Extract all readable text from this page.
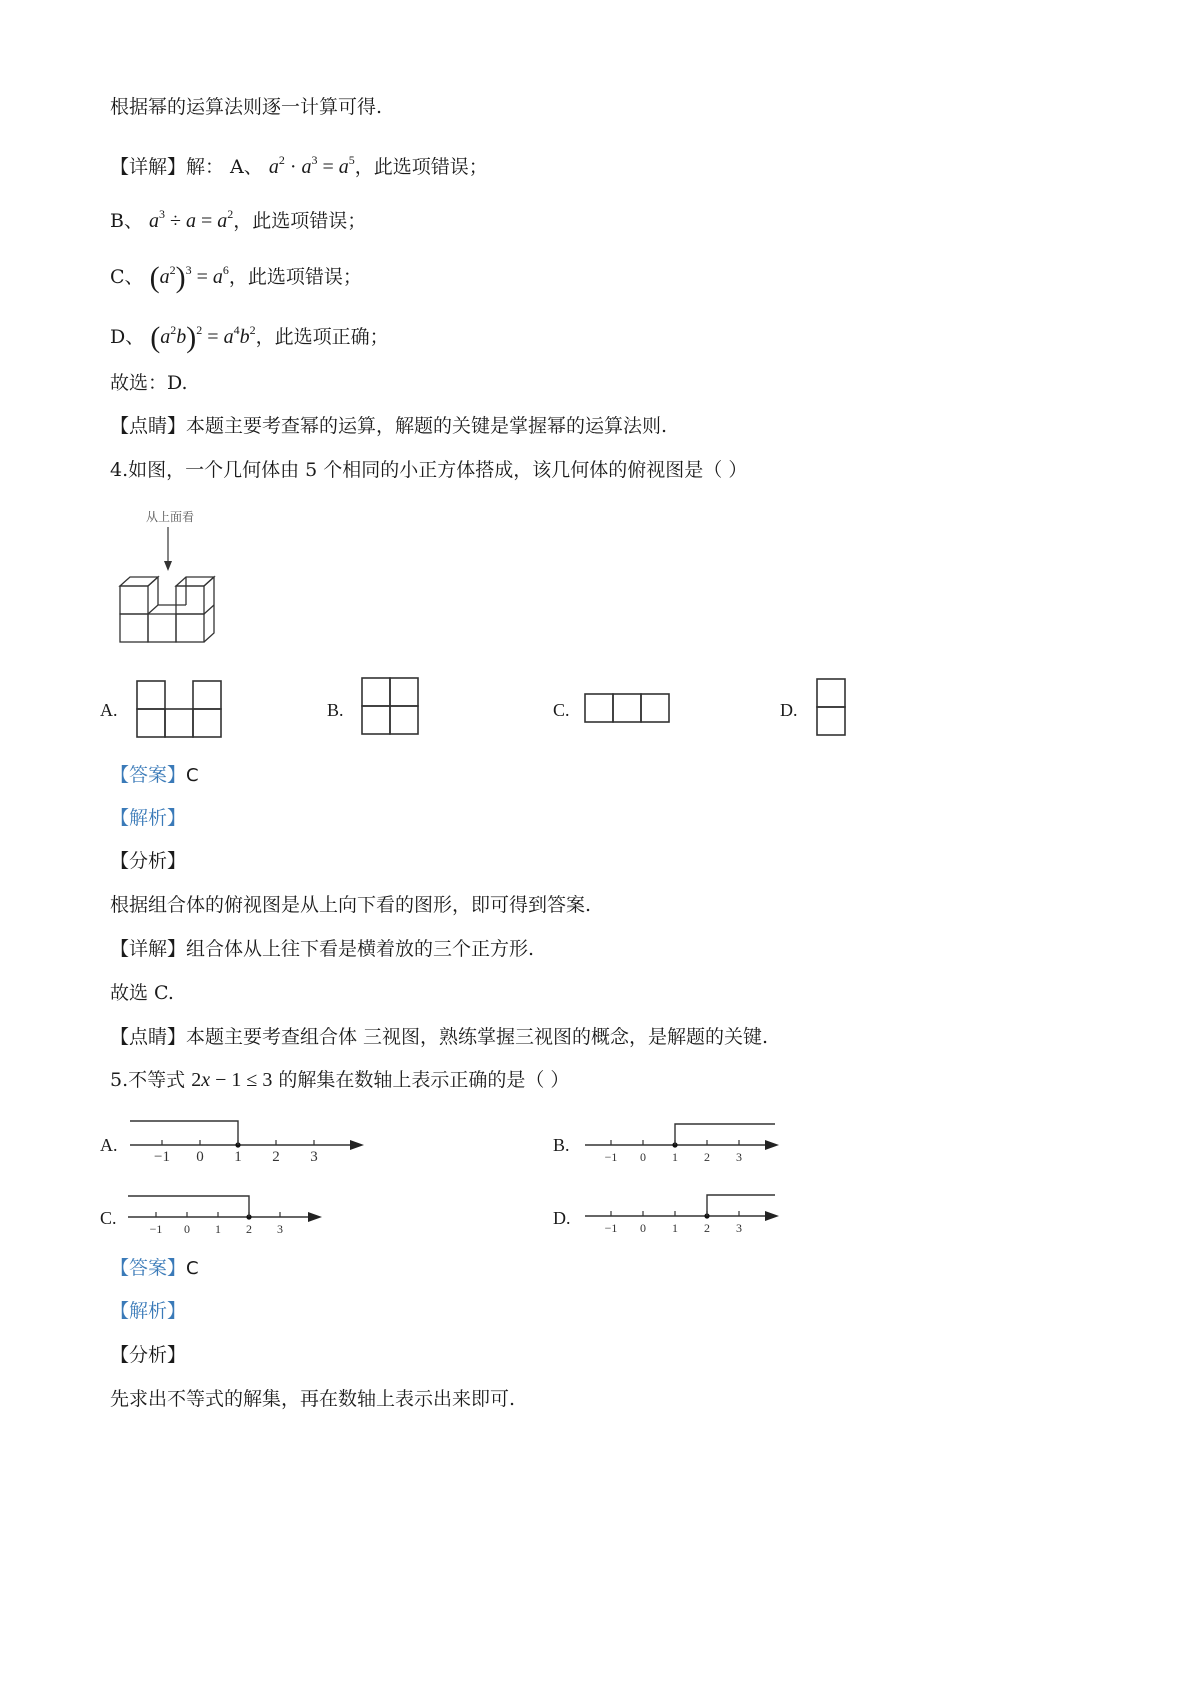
根据幂的运算法则逐一计算可得.
【详解】解： A、 $a^2 \cdot a^3 = a^5$，此选项错误；
B、 $a^3 \div a = a^2$，此选项错误；
C、 $(a^2)^3 = a^6$，此选项错误；
D、 $(a^2b)^2 = a^4b^2$，此选项正确；
故选：D.
【点睛】本题主要考查幂的运算，解题的关键是掌握幂的运算法则.
4.如图，一个几何体由 5 个相同的小正方体搭成，该几何体的俯视图是（ ）
从上面看
A.	B.	C.	D.
【答案】C
【解析】
【分析】
根据组合体的俯视图是从上向下看的图形，即可得到答案.
【详解】组合体从上往下看是横着放的三个正方形.
故选 C.
【点睛】本题主要考查组合体 三视图，熟练掌握三视图的概念，是解题的关键.
5.不等式 2x − 1 ≤ 3 的解集在数轴上表示正确的是（ ）
A.
−1 0 1 2 3
B.
−1 0 1 2 3
C.
−1 0 1 2 3
D.	−1 0 1 2 3
【答案】C
【解析】
【分析】
先求出不等式的解集，再在数轴上表示出来即可.
